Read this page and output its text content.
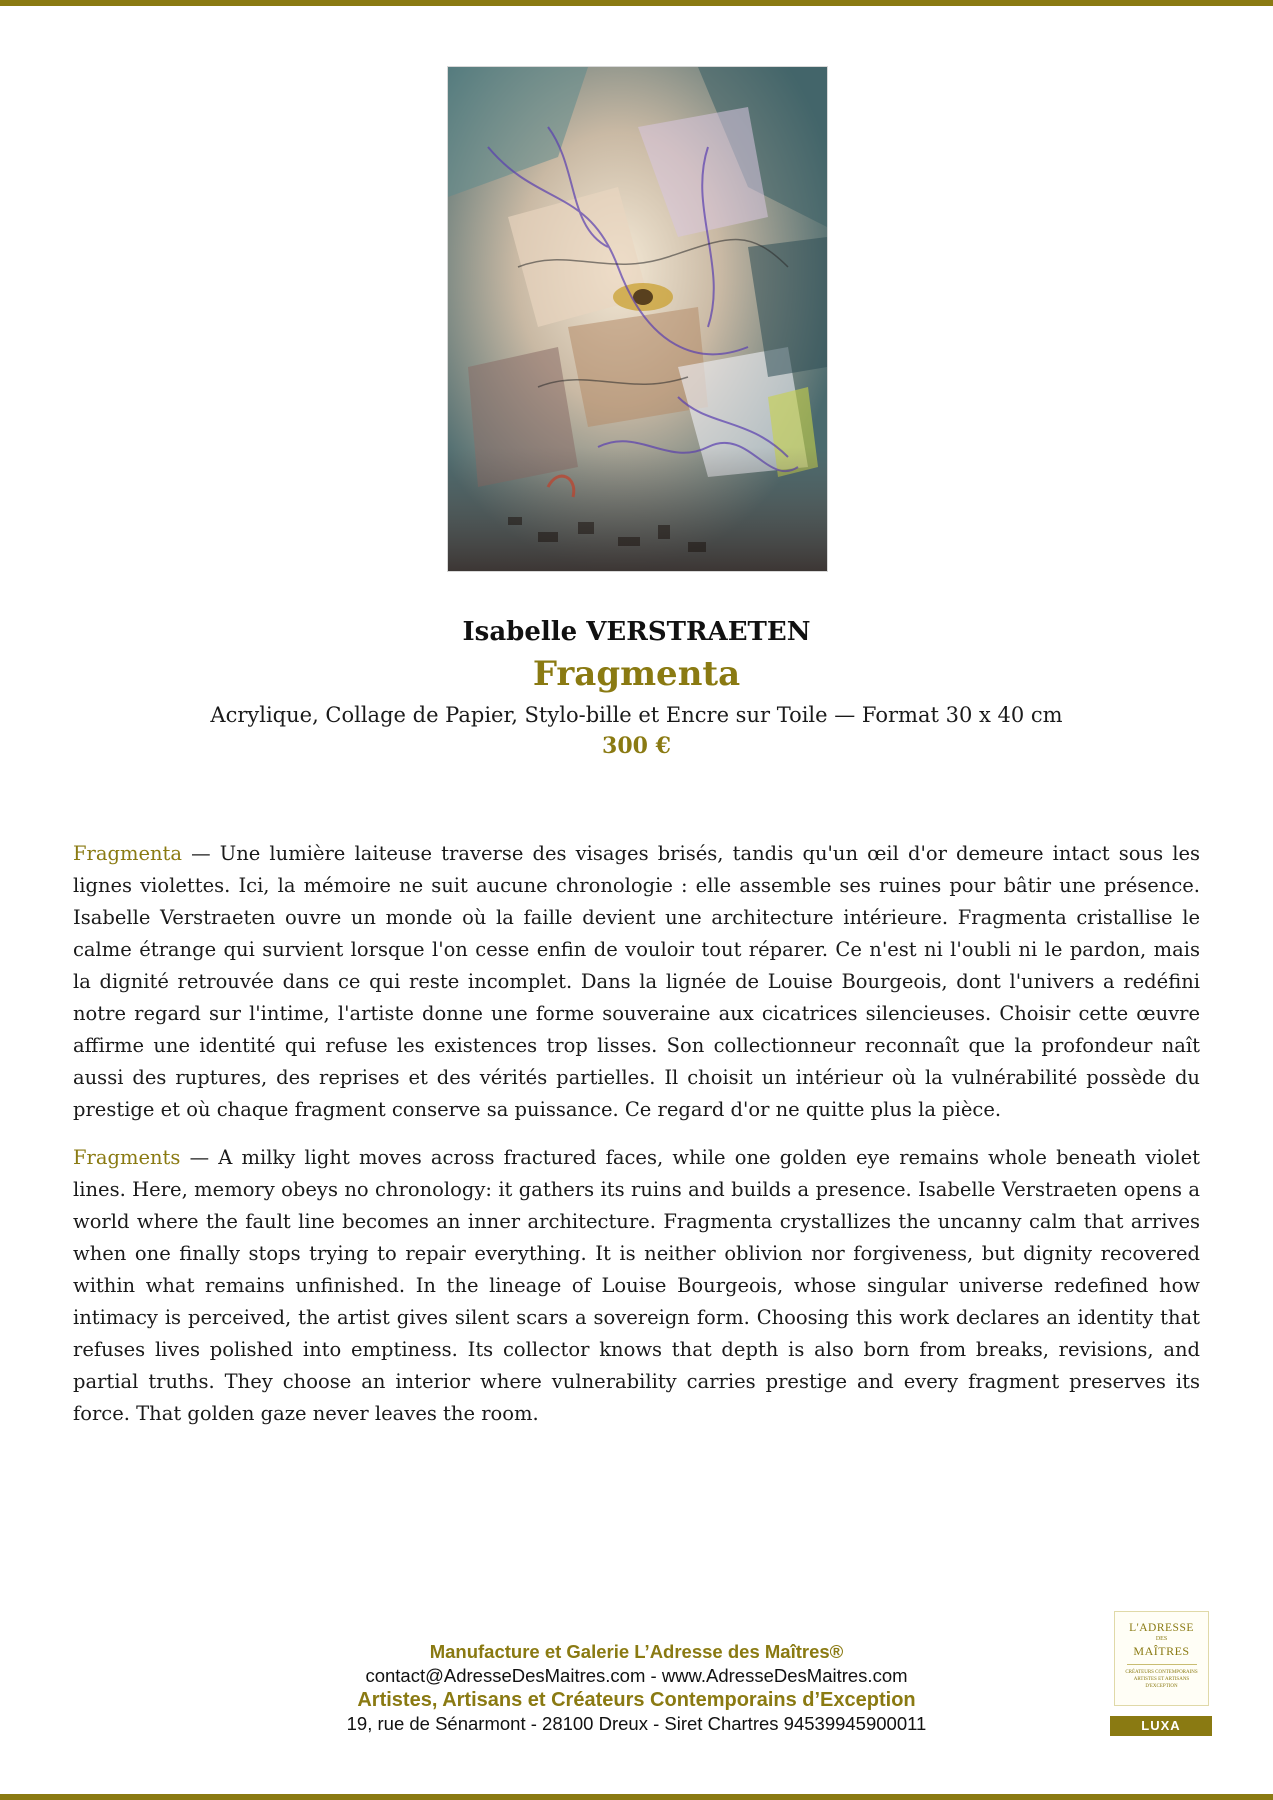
Isabelle VERSTRAETEN

Fragmenta

Acrylique, Collage de Papier, Stylo-bille et Encre sur Toile — Format 30 x 40 cm

300 €

Fragmenta — Une lumière laiteuse traverse des visages brisés, tandis qu'un œil d'or demeure intact sous les lignes violettes. Ici, la mémoire ne suit aucune chronologie : elle assemble ses ruines pour bâtir une présence. Isabelle Verstraeten ouvre un monde où la faille devient une architecture intérieure. Fragmenta cristallise le calme étrange qui survient lorsque l'on cesse enfin de vouloir tout réparer. Ce n'est ni l'oubli ni le pardon, mais la dignité retrouvée dans ce qui reste incomplet. Dans la lignée de Louise Bourgeois, dont l'univers a redéfini notre regard sur l'intime, l'artiste donne une forme souveraine aux cicatrices silencieuses. Choisir cette œuvre affirme une identité qui refuse les existences trop lisses. Son collectionneur reconnaît que la profondeur naît aussi des ruptures, des reprises et des vérités partielles. Il choisit un intérieur où la vulnérabilité possède du prestige et où chaque fragment conserve sa puissance. Ce regard d'or ne quitte plus la pièce.

Fragments — A milky light moves across fractured faces, while one golden eye remains whole beneath violet lines. Here, memory obeys no chronology: it gathers its ruins and builds a presence. Isabelle Verstraeten opens a world where the fault line becomes an inner architecture. Fragmenta crystallizes the uncanny calm that arrives when one finally stops trying to repair everything. It is neither oblivion nor forgiveness, but dignity recovered within what remains unfinished. In the lineage of Louise Bourgeois, whose singular universe redefined how intimacy is perceived, the artist gives silent scars a sovereign form. Choosing this work declares an identity that refuses lives polished into emptiness. Its collector knows that depth is also born from breaks, revisions, and partial truths. They choose an interior where vulnerability carries prestige and every fragment preserves its force. That golden gaze never leaves the room.

Manufacture et Galerie L’Adresse des Maîtres®
contact@AdresseDesMaitres.com - www.AdresseDesMaitres.com
Artistes, Artisans et Créateurs Contemporains d’Exception
19, rue de Sénarmont - 28100 Dreux - Siret Chartres 94539945900011
L'ADRESSE
DES
MAÎTRES
CRÉATEURS CONTEMPORAINS ARTISTES ET ARTISANS D'EXCEPTION
LUXA
